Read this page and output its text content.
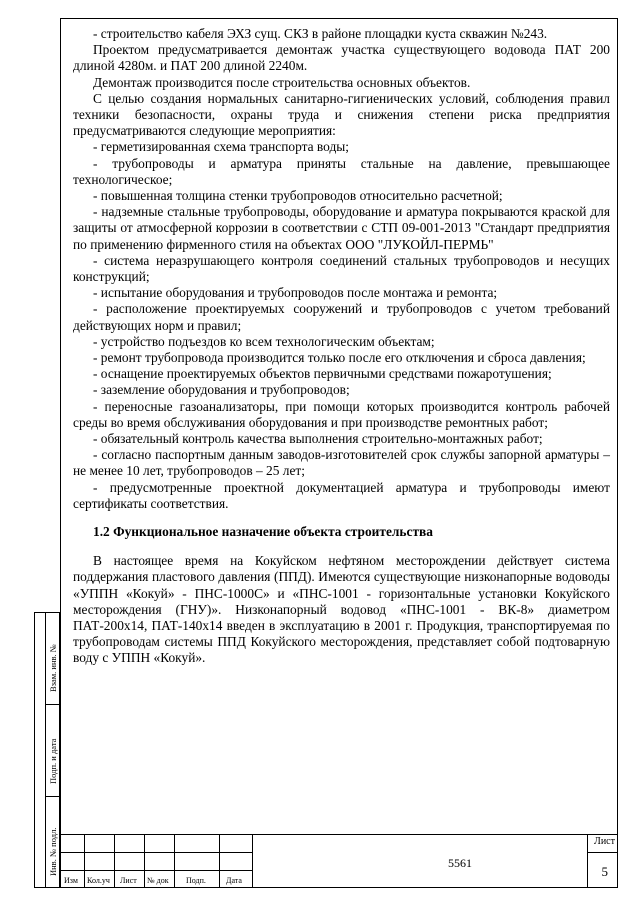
- строительство кабеля ЭХЗ сущ. СКЗ в районе площадки куста скважин №243.

Проектом предусматривается демонтаж участка существующего водовода ПАТ 200 длиной 4280м. и ПАТ 200 длиной 2240м.

Демонтаж производится после строительства основных объектов.

С целью создания нормальных санитарно-гигиенических условий, соблюдения правил техники безопасности, охраны труда и снижения степени риска предприятия предусматриваются следующие мероприятия:

- герметизированная схема транспорта воды;

- трубопроводы и арматура приняты стальные на давление, превышающее технологическое;

- повышенная толщина стенки трубопроводов относительно расчетной;

- надземные стальные трубопроводы, оборудование и арматура покрываются краской для защиты от атмосферной коррозии в соответствии с СТП 09-001-2013 "Стандарт предприятия по применению фирменного стиля на объектах ООО "ЛУКОЙЛ-ПЕРМЬ"

- система неразрушающего контроля соединений стальных трубопроводов и несущих конструкций;

- испытание оборудования и трубопроводов после монтажа и ремонта;

- расположение проектируемых сооружений и трубопроводов с учетом требований действующих норм и правил;

- устройство подъездов ко всем технологическим объектам;

- ремонт трубопровода производится только после его отключения и сброса давления;

- оснащение проектируемых объектов первичными средствами пожаротушения;

- заземление оборудования и трубопроводов;

- переносные газоанализаторы, при помощи которых производится контроль рабочей среды во время обслуживания оборудования и при производстве ремонтных работ;

- обязательный контроль качества выполнения строительно-монтажных работ;

- согласно паспортным данным заводов-изготовителей срок службы запорной арматуры – не менее 10 лет, трубопроводов – 25 лет;

- предусмотренные проектной документацией арматура и трубопроводы имеют сертификаты соответствия.

1.2 Функциональное назначение объекта строительства

В настоящее время на Кокуйском нефтяном месторождении действует система поддержания пластового давления (ППД). Имеются существующие низконапорные водоводы «УППН «Кокуй» - ПНС-1000С» и «ПНС-1001 - горизонтальные установки Кокуйского месторождения (ГНУ)». Низконапорный водовод «ПНС-1001 - ВК-8» диаметром ПАТ-200х14, ПАТ-140х14 введен в эксплуатацию в 2001 г. Продукция, транспортируемая по трубопроводам системы ППД Кокуйского месторождения, представляет собой подтоварную воду с УППН «Кокуй».

Взам. инв. №
Подп. и дата
Инв. № подл.
Изм Кол.уч Лист № док Подп.	Дата
5561
Лист
5
